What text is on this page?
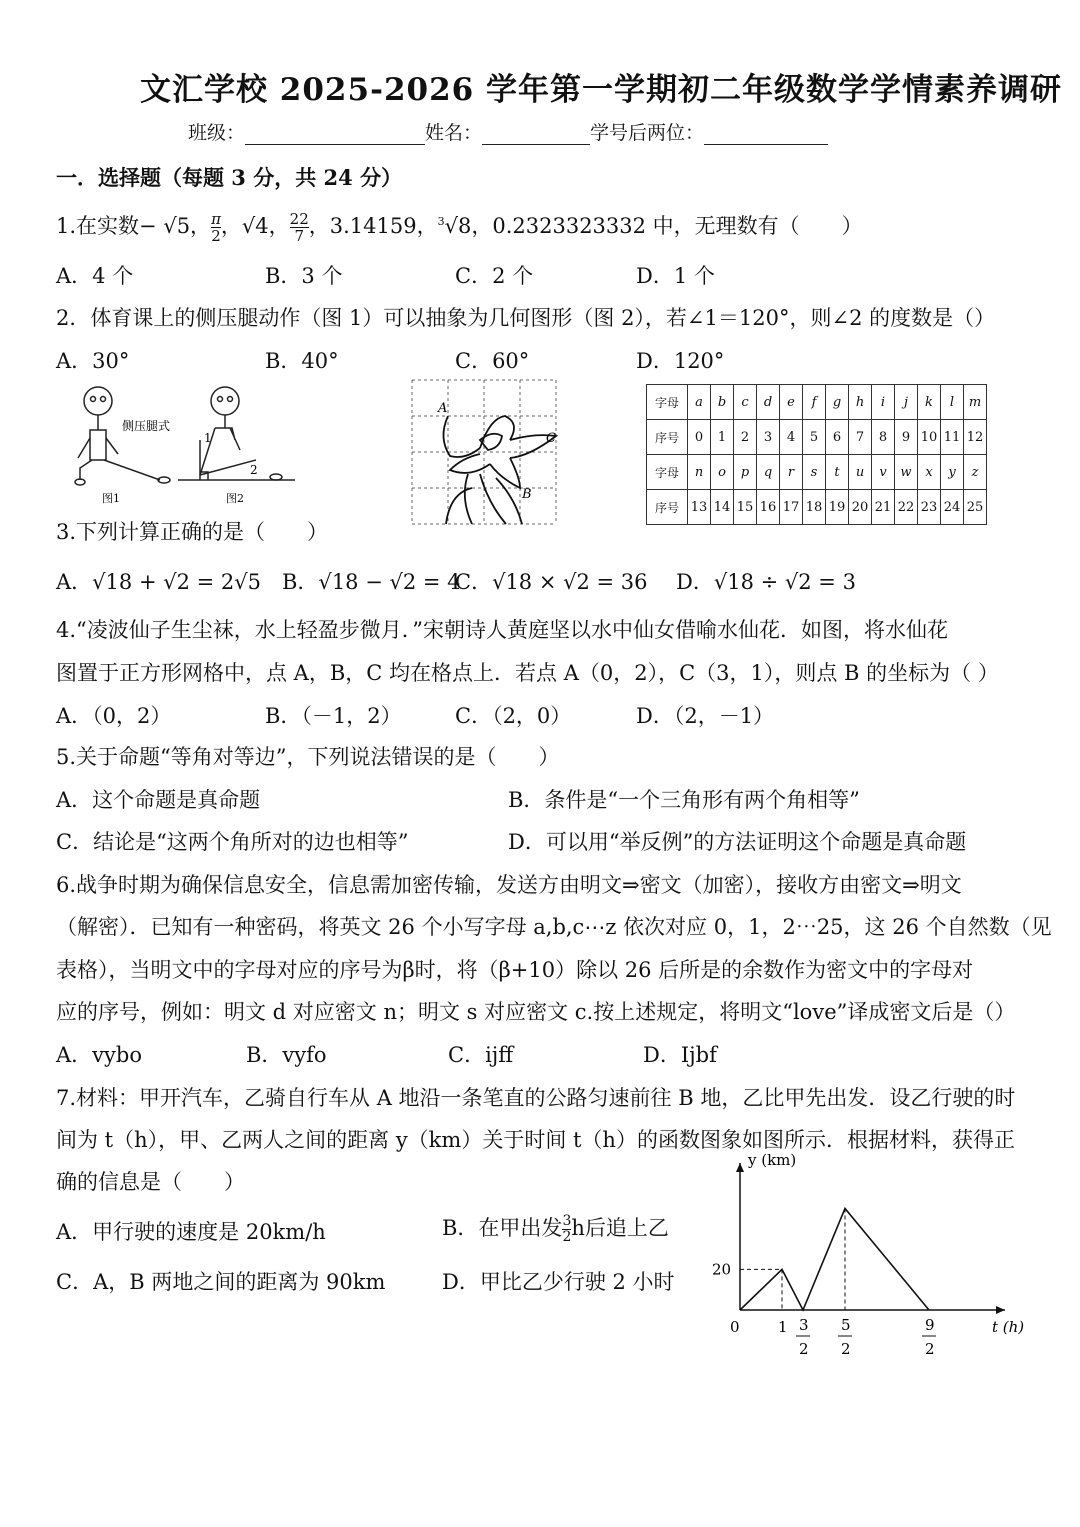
文汇学校 2025-2026 学年第一学期初二年级数学学情素养调研
班级：	姓名：	学号后两位：
一．选择题（每题 3 分，共 24 分）
1.在实数− √5，π

2 ，√4，22

7 ，3.14159，$^3$√8，0.2323323332 中，无理数有（　　）
A．4 个	B．3 个	C．2 个	D．1 个
2．体育课上的侧压腿动作（图 1）可以抽象为几何图形（图 2），若∠1＝120°，则∠2 的度数是（）
A．30°	B．40°	C．60°	D．120°
侧压腿式
1
2
图1	图2
A
C
B
字母	a	b	c	d	e	f	g	h	i	j	k	l	m
序号	0	1	2	3	4	5	6	7	8	9	10	11	12
字母	n	o	p	q	r	s	t	u	v	w	x	y	z
序号	13	14	15	16	17	18	19	20	21	22	23	24	25
3.下列计算正确的是（　　）
A．√18 + √2 = 2√5 B．√18 − √2 = 4
C．√18 × √2 = 36 D．√18 ÷ √2 = 3
4.“凌波仙子生尘袜，水上轻盈步微月．”宋朝诗人黄庭坚以水中仙女借喻水仙花．如图，将水仙花
图置于正方形网格中，点 A，B，C 均在格点上．若点 A（0，2），C（3，1），则点 B 的坐标为（ ）
A．（0，2）	B．（－1，2）	C．（2，0）	D．（2，－1）
5.关于命题“等角对等边”，下列说法错误的是（　　）
A．这个命题是真命题	B．条件是“一个三角形有两个角相等”
C．结论是“这两个角所对的边也相等”	D．可以用“举反例”的方法证明这个命题是真命题
6.战争时期为确保信息安全，信息需加密传输，发送方由明文⇒密文（加密），接收方由密文⇒明文
（解密）．已知有一种密码，将英文 26 个小写字母 a,b,c⋯z 依次对应 0，1，2⋯25，这 26 个自然数（见
表格），当明文中的字母对应的序号为β时，将（β+10）除以 26 后所是的余数作为密文中的字母对
应的序号，例如：明文 d 对应密文 n；明文 s 对应密文 c.按上述规定，将明文“love”译成密文后是（）
A．vybo	B．vyfo	C．ijff	D．Ijbf
7.材料：甲开汽车，乙骑自行车从 A 地沿一条笔直的公路匀速前往 B 地，乙比甲先出发．设乙行驶的时
间为 t（h），甲、乙两人之间的距离 y（km）关于时间 t（h）的函数图象如图所示．根据材料，获得正
确的信息是（　　）
A．甲行驶的速度是 20km/h	B．在甲出发$\frac{3}{2}$ h后追上乙
C．A，B 两地之间的距离为 90km	D．甲比乙少行驶 2 小时
y (km)
t (h)
0
20
1 3
2
5
2
9
2
